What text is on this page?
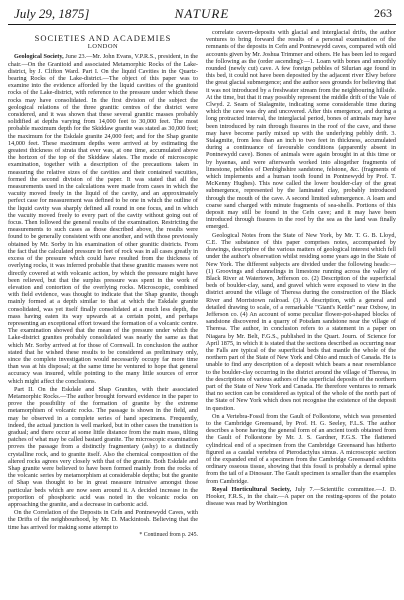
July 29, 1875]	NATURE	263
SOCIETIES AND ACADEMIES
LONDON

Geological Society, June 23.—Mr. John Evans, V.P.R.S., president, in the chair.—On the Granitoid and associated Metamorphic Rocks of the Lake-district, by J. Clifton Ward. Part I. On the liquid Cavities in the Quartz-bearing Rocks of the Lake-district.—The object of this paper was to examine into the evidence afforded by the liquid cavities of the granitoid rocks of the Lake-district, with reference to the pressure under which these rocks may have consolidated. In the first division of the subject the geological relations of the three granitic centres of the district were considered, and it was shown that these several granitic masses probably solidified at depths varying from 14,000 feet to 30,000 feet. The most probable maximum depth for the Skiddaw granite was stated as 30,000 feet; the maximum for the Eskdale granite 24,000 feet; and for the Shap granite 14,000 feet. These maximum depths were arrived at by estimating the greatest thickness of strata that ever was, at one time, accumulated above the horizon of the top of the Skiddaw slates. The mode of microscopic examination, together with a description of the precautions taken in measuring the relative sizes of the cavities and their contained vacuities, formed the second division of the paper. It was stated that all the measurements used in the calculations were made from cases in which the vacuity moved freely in the liquid of the cavity, and an approximately perfect case for measurement was defined to be one in which the outline of the liquid cavity was sharply defined all round in one focus, and in which the vacuity moved freely to every part of the cavity without going out of focus. Then followed the general results of the examination. Restricting the measurements to such cases as those described above, the results were found to be generally consistent with one another, and with those previously obtained by Mr. Sorby in his examination of other granitic districts. From the fact that the calculated pressure in feet of rock was in all cases greatly in excess of the pressure which could have resulted from the thickness of overlying rocks, it was inferred probable that these granitic masses were not directly covered at with volcanic action, by which the pressure might have been relieved, but that the surplus pressure was spent in the work of elevation and contortion of the overlying rocks. Microscopic, combined with field evidence, was thought to indicate that the Shap granite, though mainly formed at a depth similar to that at which the Eskdale granite consolidated, was yet itself finally consolidated at a much less depth, the mass having eaten its way upwards at a certain point, and perhaps representing an exceptional effort toward the formation of a volcanic centre. The examination showed that the mean of the pressure under which the Lake-district granites probably consolidated was nearly the same as that which Mr. Sorby arrived at for those of Cornwall. In conclusion the author stated that he wished these results to be considered as preliminary only, since the complete investigation would necessarily occupy far more time than was at his disposal; at the same time he ventured to hope that general accuracy was insured, while pointing to the many little sources of error which might affect the conclusions.

Part II. On the Eskdale and Shap Granites, with their associated Metamorphic Rocks.—The author brought forward evidence in the paper to prove the possibility of the formation of granite by the extreme metamorphism of volcanic rocks. The passage is shown in the field, and may be observed in a complete series of hand specimens. Frequently, indeed, the actual junction is well marked, but in other cases the transition is gradual; and there occur at some little distance from the main mass, tilting patches of what may be called bastard granite. The microscopic examination proves the passage from a distinctly fragmentary (ashy) to a distinctly crystalline rock, and to granite itself. Also the chemical composition of the altered rocks agrees very closely with that of the granite. Both Eskdale and Shap granite were believed to have been formed mainly from the rocks of the volcanic series by metamorphism at considerable depths; but the granite of Shap was thought to be in great measure intrusive amongst those particular beds which are now seen around it. A decided increase in the proportion of phosphoric acid was noted in the volcanic rocks on approaching the granite, and a decrease in carbonic acid.

On the Correlation of the Deposits in Cefn and Pontnewydd Caves, with the Drifts of the neighbourhood, by Mr. D. Mackintosh. Believing that the time has arrived for making some attempt to

* Continued from p. 245.

correlate cavern-deposits with glacial and interglacial drifts, the author ventures to bring forward the results of a personal examination of the remnants of the deposits in Cefn and Pontnewydd caves, compared with old accounts given by Mr. Joshua Trimmer and others. He has been led to regard the following as the (order ascending):—1. Loam with bones and smoothly rounded (newly cut) cave. A few foreign pebbles of Silurian age found in this bed, it could not have been deposited by the adjacent river Elwy before the great glacial submergence; and the author sees grounds for believing that it was not introduced by a freshwater stream from the neighbouring hillside. At the time, but that it may possibly represent the middle drift of the Vale of Clwyd. 2. Seam of Stalagmite, indicating some considerable time during which the cave was dry and uncovered. After this emergence, and during a long protracted interval, the interglacial period, bones of animals may have been introduced by rain through fissures in the roof of the cave, and these may have become partly mixed up with the underlying pebbly drift. 3. Stalagmite, from less than an inch to two feet in thickness, accumulated during a continuance of favourable conditions (apparently absent in Pontnewydd cave). Bones of animals were again brought in at this time or by hyaenas, and were afterwards worked into altogether fragments of limestone, pebbles of Denbighshire sandstone, felstone, &c. (fragments of which implements and a human tooth found in Pontnewydd by Prof. T. McKenny Hughes). This now called the lower boulder-clay of the great submergence, represented by the laminated clay, probably introduced through the mouth of the cave. A second limited submergence. A loam and coarse sand charged with minute fragments of sea-shells. Portions of this deposit may still be found in the Cefn cave; and it may have been introduced through fissures in the roof by the sea as the land was finally emerged.

Geological Notes from the State of New York, by Mr. T. G. B. Lloyd, C.E. The substance of this paper comprises notes, accompanied by drawings, descriptive of the various matters of geological interest which fell under the author's observation whilst residing some years ago in the State of New York. The different subjects are divided under the following heads:—(1) Groovings and channelings in limestone running across the valley of Black River at Watertown, Jefferson co. (2) Description of the superficial beds of boulder-clay, sand, and gravel which were exposed to view in the district around the village of Theresa during the construction of the Black River and Morristown railroad. (3) A description, with a general and detailed drawing to scale, of a remarkable "Giant's Kettle" near Oxbow, in Jefferson co. (4) An account of some peculiar flower-pot-shaped blocks of sandstone discovered in a quarry of Potsdam sandstone near the village of Theresa. The author, in conclusion refers to a statement in a paper on Niagara by Mr. Belt, F.G.S., published in the Quart. Journ. of Science for April 1875, in which it is stated that the sections described as occurring near the Falls are typical of the superficial beds that mantle the whole of the northern part of the State of New York and Ohio and much of Canada. He is unable to find any description of a deposit which bears a near resemblance to the boulder-clay occurring in the district around the village of Theresa, in the descriptions of various authors of the superficial deposits of the northern part of the State of New York and Canada. He therefore ventures to remark that no section can be considered as typical of the whole of the north part of the State of New York which does not recognise the existence of the deposit in question.

On a Vertebra-Fossil from the Gault of Folkestone, which was presented to the Cambridge Greensand, by Prof. H. G. Seeley, F.L.S. The author describes a bone having the general form of an ancient tooth obtained from the Gault of Folkestone by Mr. J. S. Gardner, F.G.S. The flattened cylindrical end of a specimen from the Cambridge Greensand has hitherto figured as a caudal vertebra of Pterodactylus simus. A microscopic section of the expanded end of a specimen from the Cambridge Greensand exhibits ordinary osseous tissue, showing that this fossil is probably a dermal spine from the tail of a Dinosaur. The Gault specimen is smaller than the examples from Cambridge.

Royal Horticultural Society, July 7.—Scientific committee.—J. D. Hooker, F.R.S., in the chair.—A paper on the resting-spores of the potato disease was read by Worthington
